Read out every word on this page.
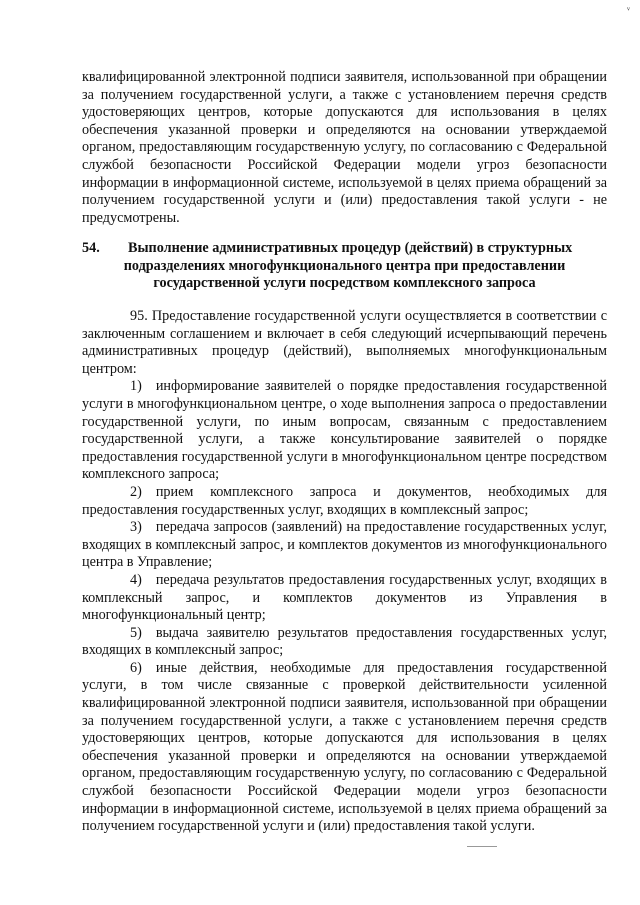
ᵛ
квалифицированной электронной подписи заявителя, использованной при обращении за получением государственной услуги, а также с установлением перечня средств удостоверяющих центров, которые допускаются для использования в целях обеспечения указанной проверки и определяются на основании утверждаемой органом, предоставляющим государственную услугу, по согласованию с Федеральной службой безопасности Российской Федерации модели угроз безопасности информации в информационной системе, используемой в целях приема обращений за получением государственной услуги и (или) предоставления такой услуги - не предусмотрены.
54. Выполнение административных процедур (действий) в структурных
подразделениях многофункционального центра при предоставлении
государственной услуги посредством комплексного запроса

95. Предоставление государственной услуги осуществляется в соответствии с заключенным соглашением и включает в себя следующий исчерпывающий перечень административных процедур (действий), выполняемых многофункциональным центром:

1) информирование заявителей о порядке предоставления государственной услуги в многофункциональном центре, о ходе выполнения запроса о предоставлении государственной услуги, по иным вопросам, связанным с предоставлением государственной услуги, а также консультирование заявителей о порядке предоставления государственной услуги в многофункциональном центре посредством комплексного запроса;

2) прием комплексного запроса и документов, необходимых для предоставления государственных услуг, входящих в комплексный запрос;

3) передача запросов (заявлений) на предоставление государственных услуг, входящих в комплексный запрос, и комплектов документов из многофункционального центра в Управление;

4) передача результатов предоставления государственных услуг, входящих в комплексный запрос, и комплектов документов из Управления в многофункциональный центр;

5) выдача заявителю результатов предоставления государственных услуг, входящих в комплексный запрос;

6) иные действия, необходимые для предоставления государственной услуги, в том числе связанные с проверкой действительности усиленной квалифицированной электронной подписи заявителя, использованной при обращении за получением государственной услуги, а также с установлением перечня средств удостоверяющих центров, которые допускаются для использования в целях обеспечения указанной проверки и определяются на основании утверждаемой органом, предоставляющим государственную услугу, по согласованию с Федеральной службой безопасности Российской Федерации модели угроз безопасности информации в информационной системе, используемой в целях приема обращений за получением государственной услуги и (или) предоставления такой услуги.
